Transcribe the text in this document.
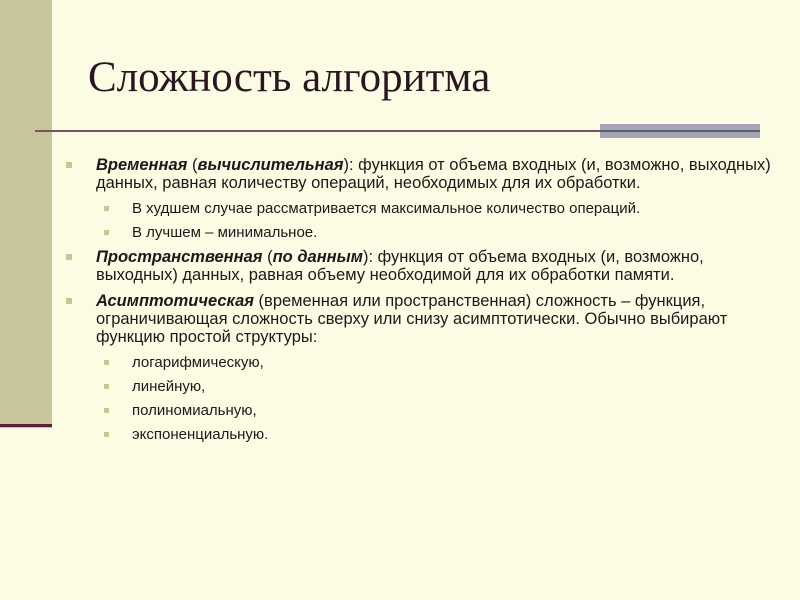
Сложность алгоритма
Временная (вычислительная): функция от объема входных (и, возможно, выходных) данных, равная количеству операций, необходимых для их обработки.
В худшем случае рассматривается максимальное количество операций.
В лучшем – минимальное.
Пространственная (по данным): функция от объема входных (и, возможно, выходных) данных, равная объему необходимой для их обработки памяти.
Асимптотическая (временная или пространственная) сложность – функция, ограничивающая сложность сверху или снизу асимптотически. Обычно выбирают функцию простой структуры:
логарифмическую,
линейную,
полиномиальную,
экспоненциальную.
